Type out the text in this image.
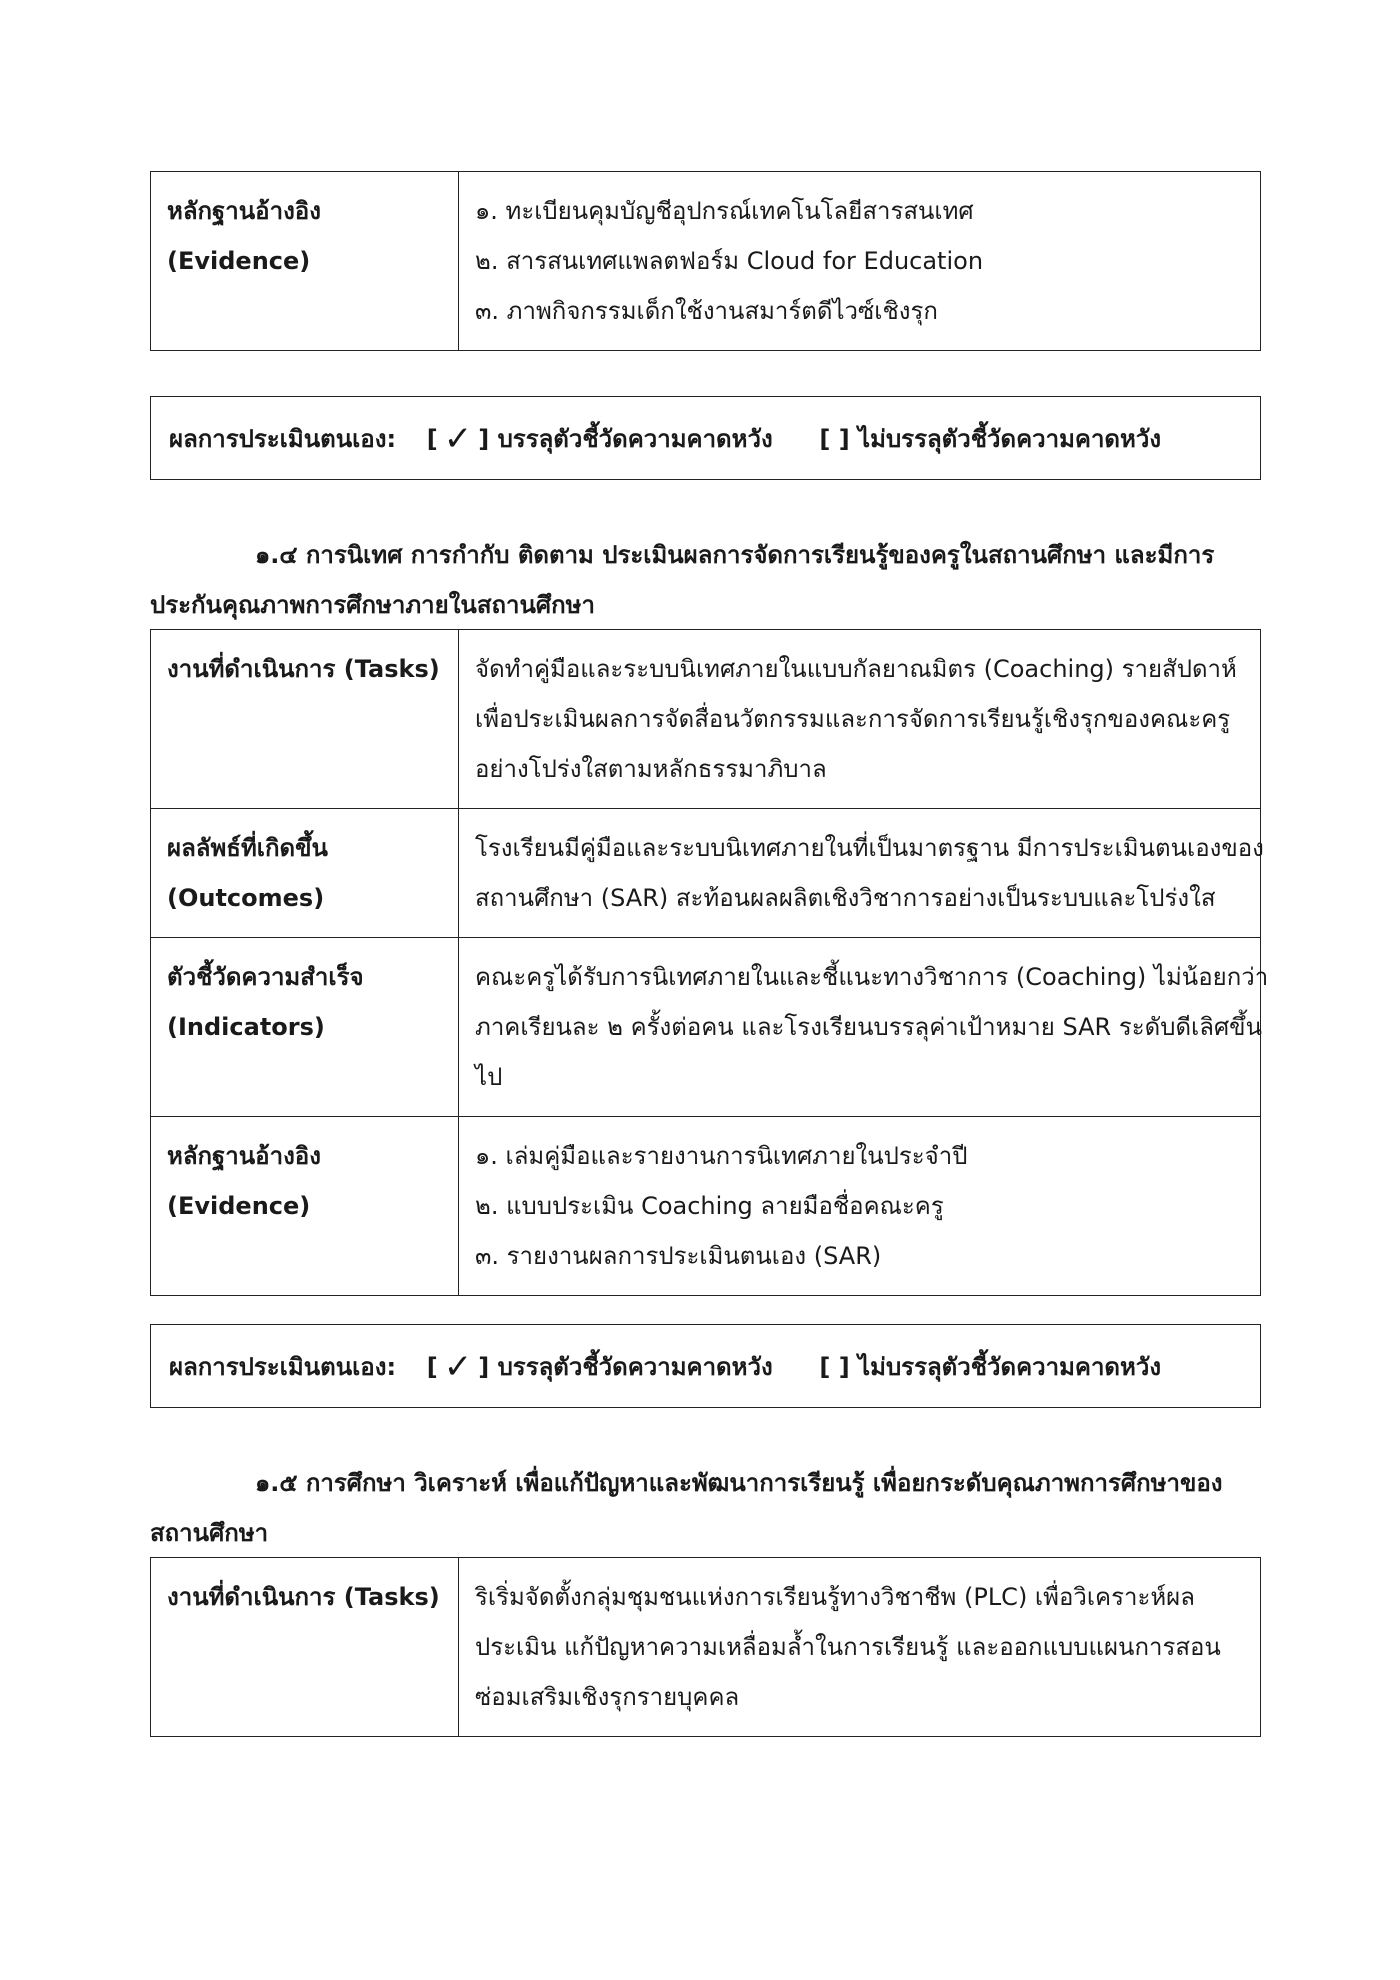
หลักฐานอ้างอิง
(Evidence)

๑. ทะเบียนคุมบัญชีอุปกรณ์เทคโนโลยีสารสนเทศ
๒. สารสนเทศแพลตฟอร์ม Cloud for Education
๓. ภาพกิจกรรมเด็กใช้งานสมาร์ตดีไวซ์เชิงรุก
ผลการประเมินตนเอง: [ ✓ ] บรรลุตัวชี้วัดความคาดหวัง [ ] ไม่บรรลุตัวชี้วัดความคาดหวัง
๑.๔ การนิเทศ การกำกับ ติดตาม ประเมินผลการจัดการเรียนรู้ของครูในสถานศึกษา และมีการ
ประกันคุณภาพการศึกษาภายในสถานศึกษา
งานที่ดำเนินการ (Tasks)	จัดทำคู่มือและระบบนิเทศภายในแบบกัลยาณมิตร (Coaching) รายสัปดาห์
เพื่อประเมินผลการจัดสื่อนวัตกรรมและการจัดการเรียนรู้เชิงรุกของคณะครู
อย่างโปร่งใสตามหลักธรรมาภิบาล

ผลลัพธ์ที่เกิดขึ้น
(Outcomes)	โรงเรียนมีคู่มือและระบบนิเทศภายในที่เป็นมาตรฐาน มีการประเมินตนเองของ
สถานศึกษา (SAR) สะท้อนผลผลิตเชิงวิชาการอย่างเป็นระบบและโปร่งใส

ตัวชี้วัดความสำเร็จ
(Indicators)	คณะครูได้รับการนิเทศภายในและชี้แนะทางวิชาการ (Coaching) ไม่น้อยกว่า
ภาคเรียนละ ๒ ครั้งต่อคน และโรงเรียนบรรลุค่าเป้าหมาย SAR ระดับดีเลิศขึ้น
ไป

หลักฐานอ้างอิง
(Evidence)	๑. เล่มคู่มือและรายงานการนิเทศภายในประจำปี
๒. แบบประเมิน Coaching ลายมือชื่อคณะครู
๓. รายงานผลการประเมินตนเอง (SAR)
ผลการประเมินตนเอง: [ ✓ ] บรรลุตัวชี้วัดความคาดหวัง [ ] ไม่บรรลุตัวชี้วัดความคาดหวัง
๑.๕ การศึกษา วิเคราะห์ เพื่อแก้ปัญหาและพัฒนาการเรียนรู้ เพื่อยกระดับคุณภาพการศึกษาของ
สถานศึกษา
งานที่ดำเนินการ (Tasks)	ริเริ่มจัดตั้งกลุ่มชุมชนแห่งการเรียนรู้ทางวิชาชีพ (PLC) เพื่อวิเคราะห์ผล
ประเมิน แก้ปัญหาความเหลื่อมล้ำในการเรียนรู้ และออกแบบแผนการสอน
ซ่อมเสริมเชิงรุกรายบุคคล
